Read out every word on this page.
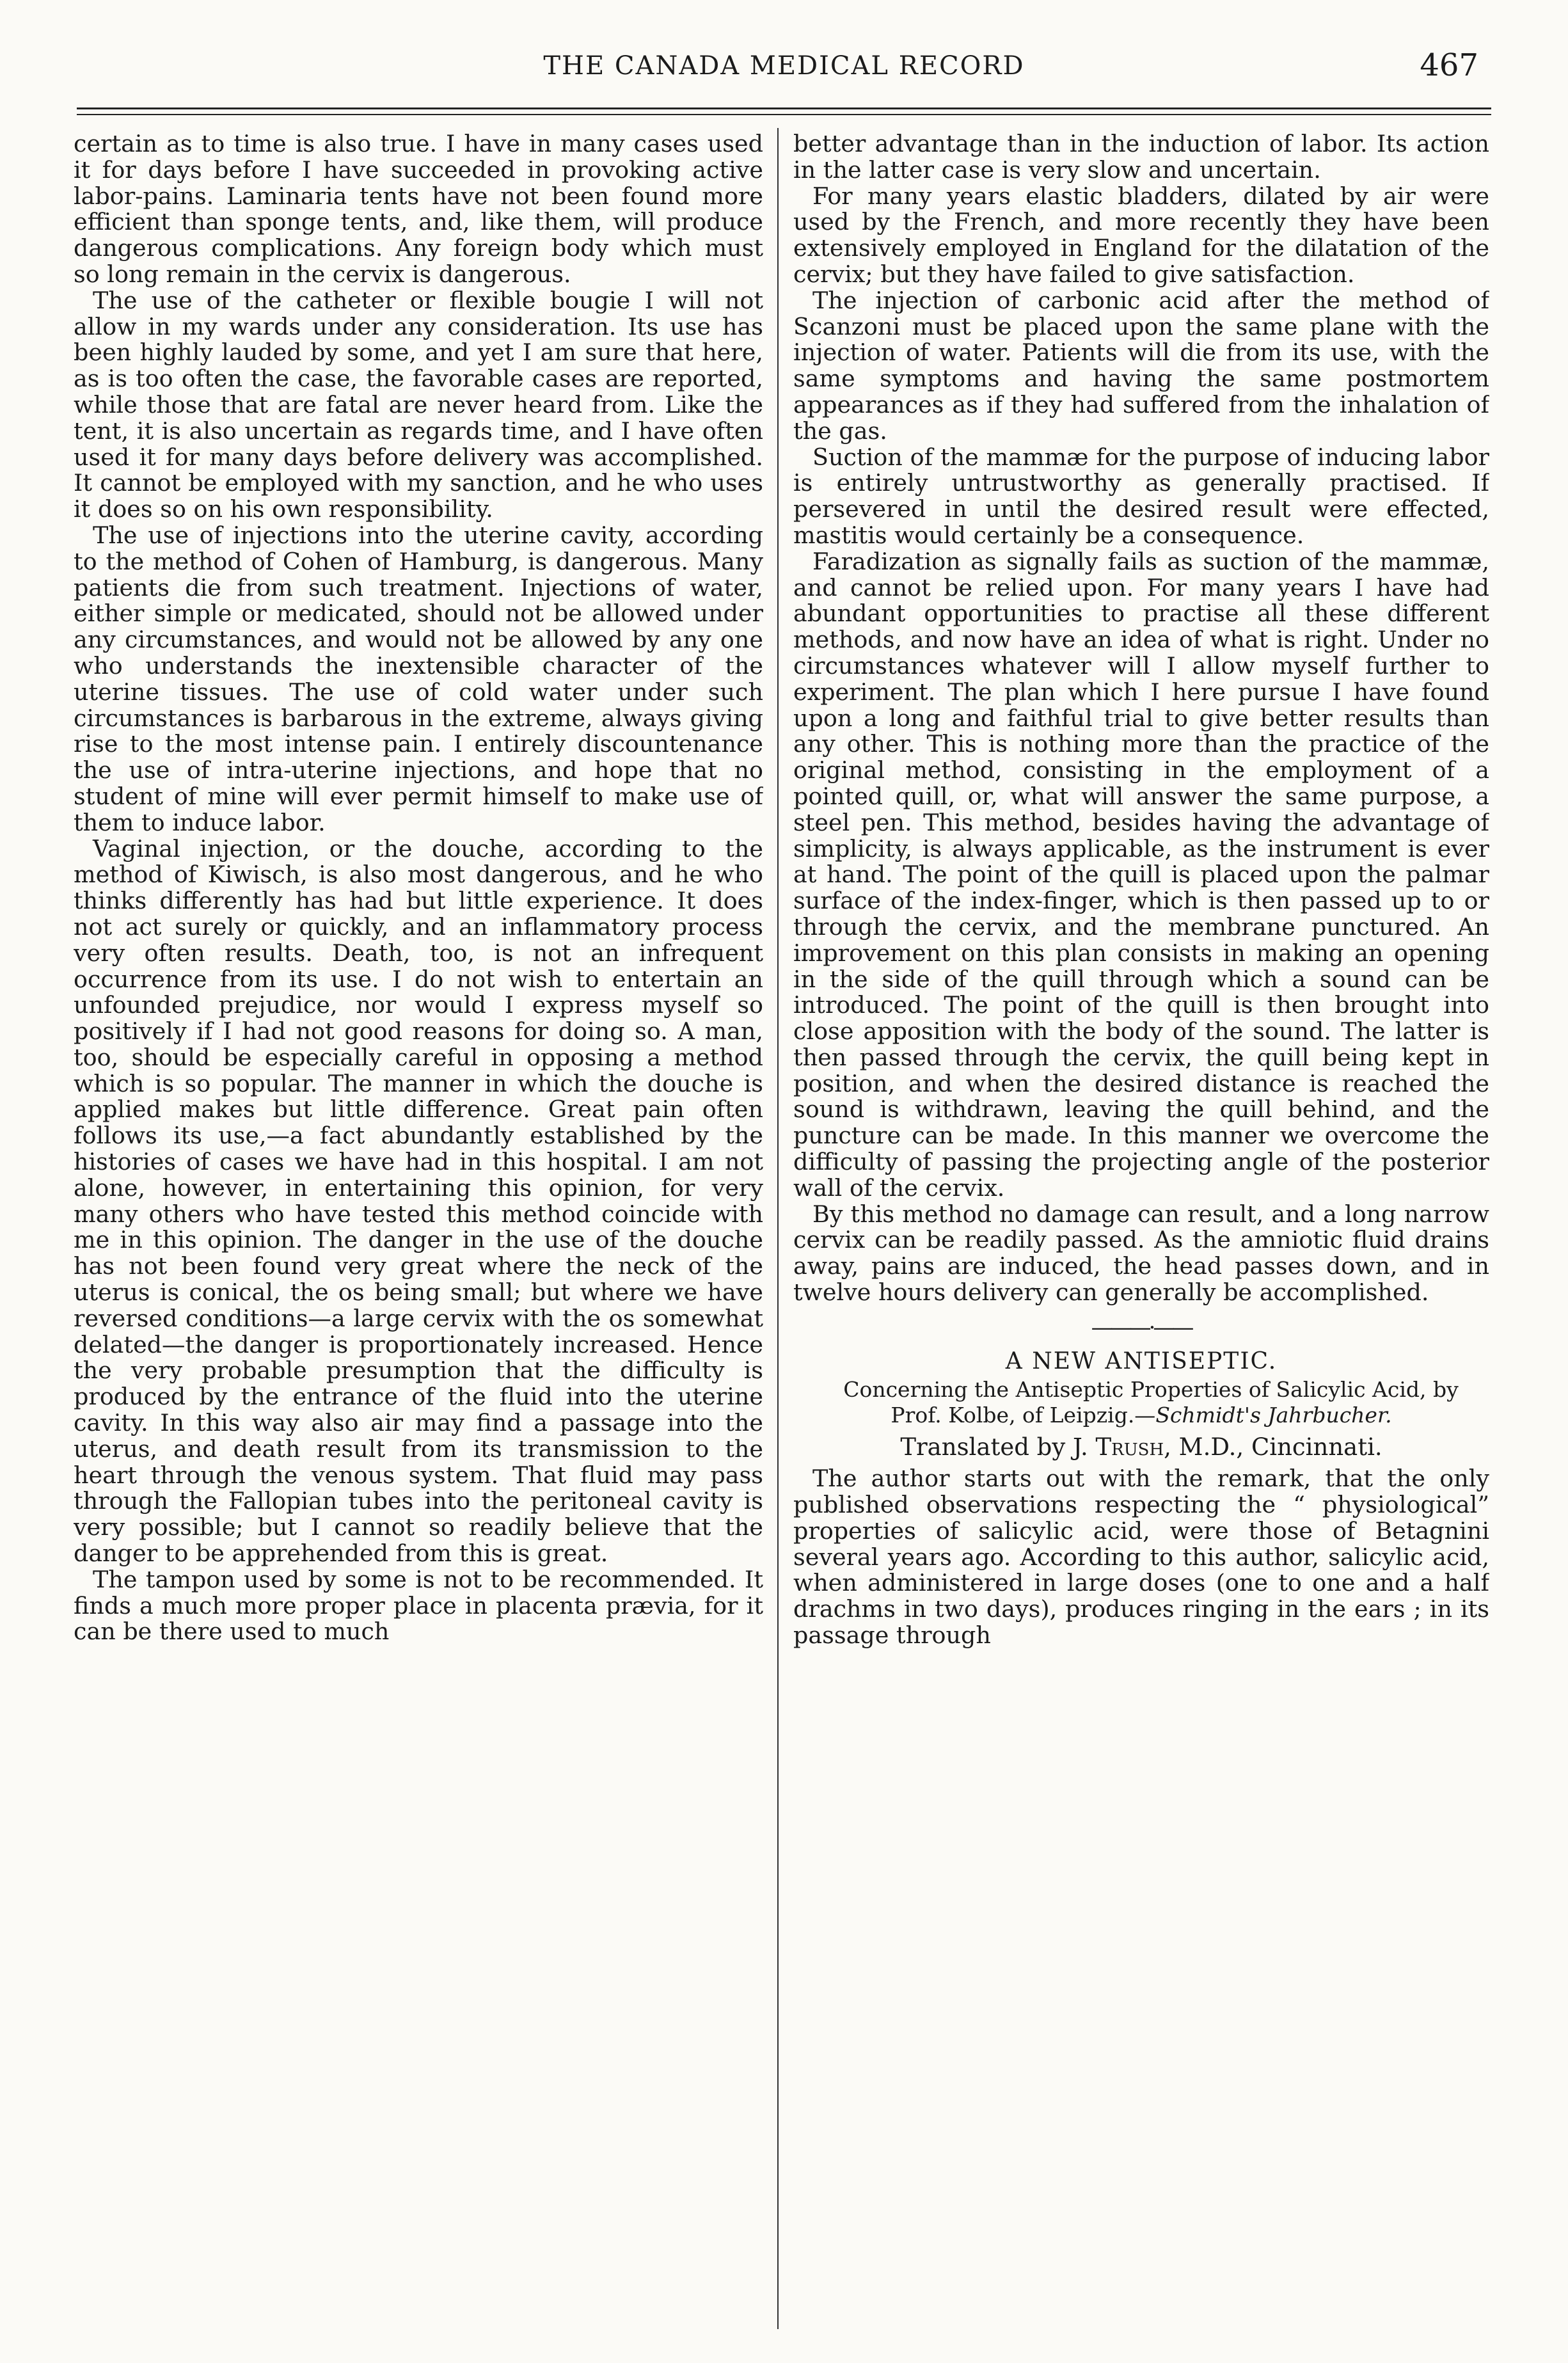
THE CANADA MEDICAL RECORD	467

certain as to time is also true. I have in many cases used it for days before I have succeeded in provoking active labor-pains. Laminaria tents have not been found more efficient than sponge tents, and, like them, will produce dangerous complications. Any foreign body which must so long remain in the cervix is dangerous.

The use of the catheter or flexible bougie I will not allow in my wards under any consideration. Its use has been highly lauded by some, and yet I am sure that here, as is too often the case, the favorable cases are reported, while those that are fatal are never heard from. Like the tent, it is also uncertain as regards time, and I have often used it for many days before delivery was accomplished. It cannot be employed with my sanction, and he who uses it does so on his own responsibility.

The use of injections into the uterine cavity, according to the method of Cohen of Hamburg, is dangerous. Many patients die from such treatment. Injections of water, either simple or medicated, should not be allowed under any circumstances, and would not be allowed by any one who understands the inextensible character of the uterine tissues. The use of cold water under such circumstances is barbarous in the extreme, always giving rise to the most intense pain. I entirely discountenance the use of intra-uterine injections, and hope that no student of mine will ever permit himself to make use of them to induce labor.

Vaginal injection, or the douche, according to the method of Kiwisch, is also most dangerous, and he who thinks differently has had but little experience. It does not act surely or quickly, and an inflammatory process very often results. Death, too, is not an infrequent occurrence from its use. I do not wish to entertain an unfounded prejudice, nor would I express myself so positively if I had not good reasons for doing so. A man, too, should be especially careful in opposing a method which is so popular. The manner in which the douche is applied makes but little difference. Great pain often follows its use,—a fact abundantly established by the histories of cases we have had in this hospital. I am not alone, however, in entertaining this opinion, for very many others who have tested this method coincide with me in this opinion. The danger in the use of the douche has not been found very great where the neck of the uterus is conical, the os being small; but where we have reversed conditions—a large cervix with the os somewhat delated—the danger is proportionately increased. Hence the very probable presumption that the difficulty is produced by the entrance of the fluid into the uterine cavity. In this way also air may find a passage into the uterus, and death result from its transmission to the heart through the venous system. That fluid may pass through the Fallopian tubes into the peritoneal cavity is very possible; but I cannot so readily believe that the danger to be apprehended from this is great.

The tampon used by some is not to be recommended. It finds a much more proper place in placenta prævia, for it can be there used to much

better advantage than in the induction of labor. Its action in the latter case is very slow and uncertain.

For many years elastic bladders, dilated by air were used by the French, and more recently they have been extensively employed in England for the dilatation of the cervix; but they have failed to give satisfaction.

The injection of carbonic acid after the method of Scanzoni must be placed upon the same plane with the injection of water. Patients will die from its use, with the same symptoms and having the same postmortem appearances as if they had suffered from the inhalation of the gas.

Suction of the mammæ for the purpose of inducing labor is entirely untrustworthy as generally practised. If persevered in until the desired result were effected, mastitis would certainly be a consequence.

Faradization as signally fails as suction of the mammæ, and cannot be relied upon. For many years I have had abundant opportunities to practise all these different methods, and now have an idea of what is right. Under no circumstances whatever will I allow myself further to experiment. The plan which I here pursue I have found upon a long and faithful trial to give better results than any other. This is nothing more than the practice of the original method, consisting in the employment of a pointed quill, or, what will answer the same purpose, a steel pen. This method, besides having the advantage of simplicity, is always applicable, as the instrument is ever at hand. The point of the quill is placed upon the palmar surface of the index-finger, which is then passed up to or through the cervix, and the membrane punctured. An improvement on this plan consists in making an opening in the side of the quill through which a sound can be introduced. The point of the quill is then brought into close apposition with the body of the sound. The latter is then passed through the cervix, the quill being kept in position, and when the desired distance is reached the sound is withdrawn, leaving the quill behind, and the puncture can be made. In this manner we overcome the difficulty of passing the projecting angle of the posterior wall of the cervix.

By this method no damage can result, and a long narrow cervix can be readily passed. As the amniotic fluid drains away, pains are induced, the head passes down, and in twelve hours delivery can generally be accomplished.

———·——
A NEW ANTISEPTIC.

Concerning the Antiseptic Properties of Salicylic Acid, by
Prof. Kolbe, of Leipzig.—Schmidt's Jahrbucher.

Translated by J. Trush, M.D., Cincinnati.

The author starts out with the remark, that the only published observations respecting the “ physiological” properties of salicylic acid, were those of Betagnini several years ago. According to this author, salicylic acid, when administered in large doses (one to one and a half drachms in two days), produces ringing in the ears ; in its passage through
